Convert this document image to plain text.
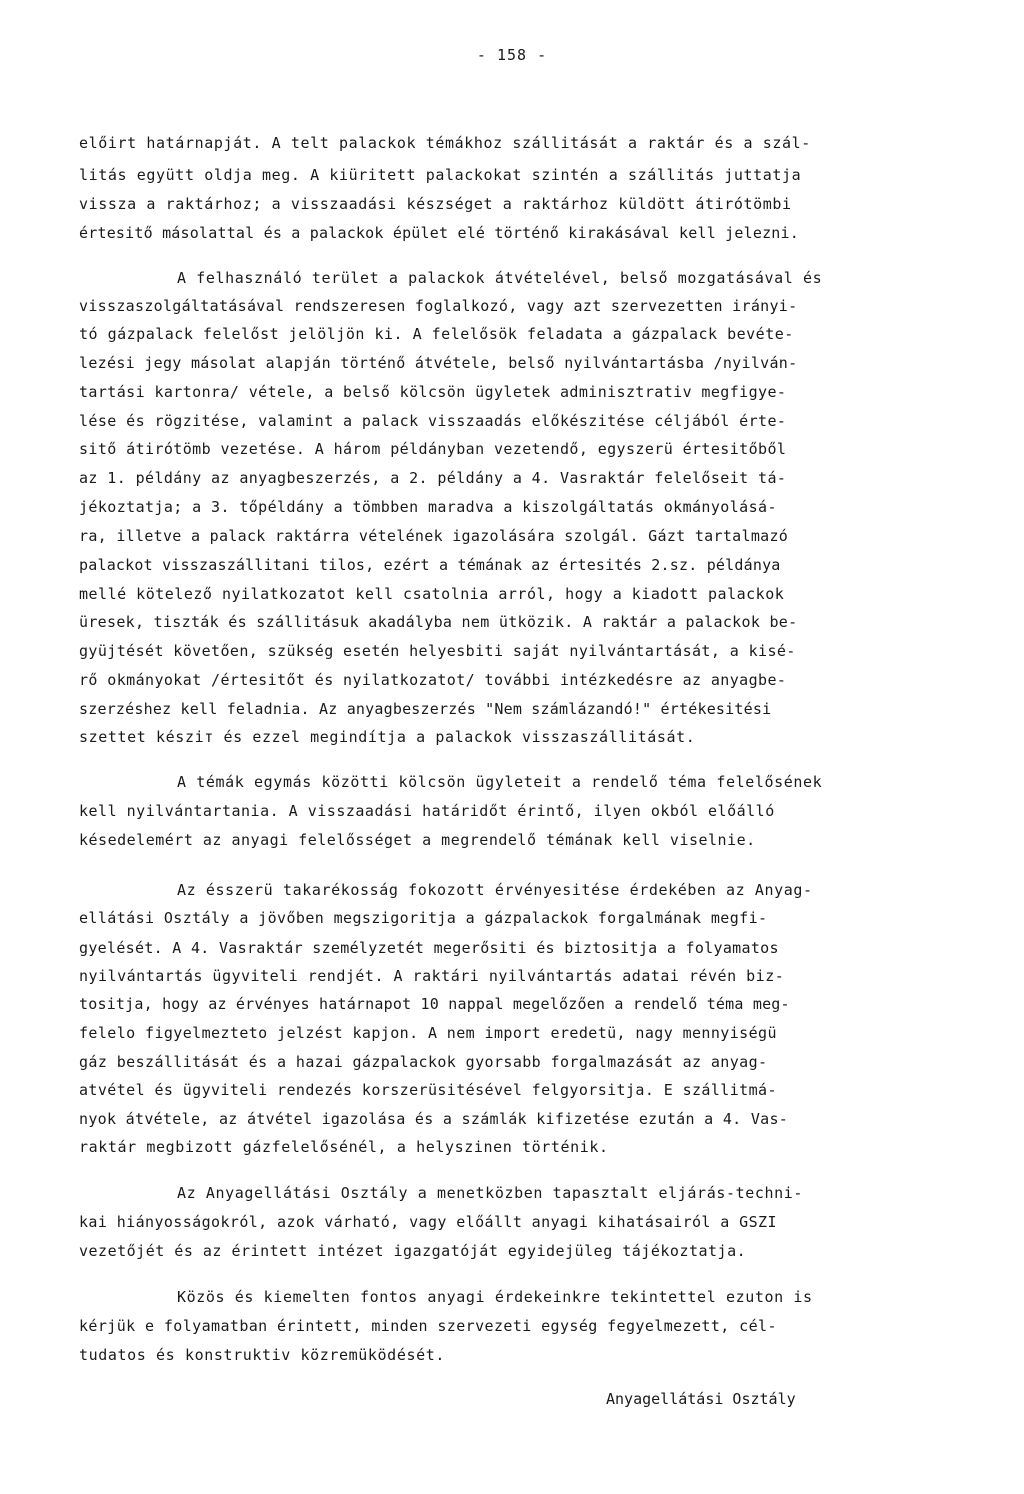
- 158 -
előirt határnapját. A telt palackok témákhoz szállitását a raktár és a szál-
litás együtt oldja meg. A kiüritett palackokat szintén a szállitás juttatja
vissza a raktárhoz; a visszaadási készséget a raktárhoz küldött átirótömbi
értesitő másolattal és a palackok épület elé történő kirakásával kell jelezni.
A felhasználó terület a palackok átvételével, belső mozgatásával és
visszaszolgáltatásával rendszeresen foglalkozó, vagy azt szervezetten irányi-
tó gázpalack felelőst jelöljön ki. A felelősök feladata a gázpalack bevéte-
lezési jegy másolat alapján történő átvétele, belső nyilvántartásba /nyilván-
tartási kartonra/ vétele, a belső kölcsön ügyletek adminisztrativ megfigye-
lése és rögzitése, valamint a palack visszaadás előkészitése céljából érte-
sitő átirótömb vezetése. A három példányban vezetendő, egyszerü értesitőből
az 1. példány az anyagbeszerzés, a 2. példány a 4. Vasraktár felelőseit tá-
jékoztatja; a 3. tőpéldány a tömbben maradva a kiszolgáltatás okmányolásá-
ra, illetve a palack raktárra vételének igazolására szolgál. Gázt tartalmazó
palackot visszaszállitani tilos, ezért a témának az értesités 2.sz. példánya
mellé kötelező nyilatkozatot kell csatolnia arról, hogy a kiadott palackok
üresek, tiszták és szállitásuk akadályba nem ütközik. A raktár a palackok be-
gyüjtését követően, szükség esetén helyesbiti saját nyilvántartását, a kisé-
rő okmányokat /értesitőt és nyilatkozatot/ további intézkedésre az anyagbe-
szerzéshez kell feladnia. Az anyagbeszerzés "Nem számlázandó!" értékesitési
szettet késziт és ezzel megindítja a palackok visszaszállitását.
A témák egymás közötti kölcsön ügyleteit a rendelő téma felelősének
kell nyilvántartania. A visszaadási határidőt érintő, ilyen okból előálló
késedelemért az anyagi felelősséget a megrendelő témának kell viselnie.
Az ésszerü takarékosság fokozott érvényesitése érdekében az Anyag-
ellátási Osztály a jövőben megszigoritja a gázpalackok forgalmának megfi-
gyelését. A 4. Vasraktár személyzetét megerősiti és biztositja a folyamatos
nyilvántartás ügyviteli rendjét. A raktári nyilvántartás adatai révén biz-
tositja, hogy az érvényes határnapot 10 nappal megelőzően a rendelő téma meg-
felelo figyelmezteto jelzést kapjon. A nem import eredetü, nagy mennyiségü
gáz beszállitását és a hazai gázpalackok gyorsabb forgalmazását az anyag-
atvétel és ügyviteli rendezés korszerüsitésével felgyorsitja. E szállitmá-
nyok átvétele, az átvétel igazolása és a számlák kifizetése ezután a 4. Vas-
raktár megbizott gázfelelősénél, a helyszinen történik.
Az Anyagellátási Osztály a menetközben tapasztalt eljárás-techni-
kai hiányosságokról, azok várható, vagy előállt anyagi kihatásairól a GSZI
vezetőjét és az érintett intézet igazgatóját egyidejüleg tájékoztatja.
Közös és kiemelten fontos anyagi érdekeinkre tekintettel ezuton is
kérjük e folyamatban érintett, minden szervezeti egység fegyelmezett, cél-
tudatos és konstruktiv közremüködését.
Anyagellátási Osztály
